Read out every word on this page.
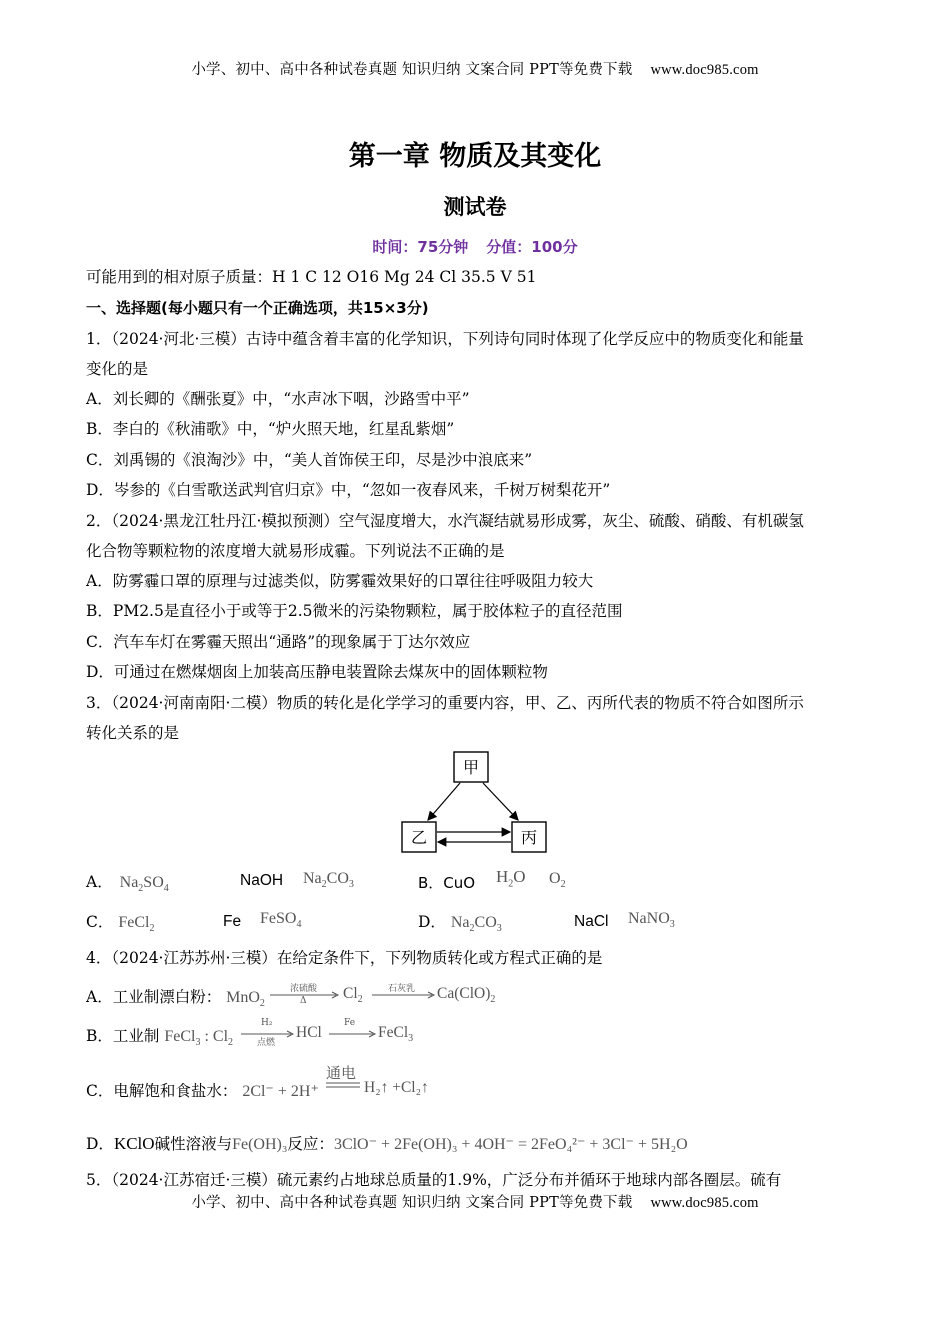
小学、初中、高中各种试卷真题 知识归纳 文案合同 PPT等免费下载 www.doc985.com
第一章 物质及其变化
测试卷
时间：75分钟 分值：100分
可能用到的相对原子质量：H 1 C 12 O16 Mg 24 Cl 35.5 V 51
一、选择题(每小题只有一个正确选项，共15×3分)
1．（2024·河北·三模）古诗中蕴含着丰富的化学知识，下列诗句同时体现了化学反应中的物质变化和能量
变化的是
A．刘长卿的《酬张夏》中，“水声冰下咽，沙路雪中平”
B．李白的《秋浦歌》中，“炉火照天地，红星乱紫烟”
C．刘禹锡的《浪淘沙》中，“美人首饰侯王印，尽是沙中浪底来”
D．岑参的《白雪歌送武判官归京》中，“忽如一夜春风来，千树万树梨花开”
2．（2024·黑龙江牡丹江·模拟预测）空气湿度增大，水汽凝结就易形成雾，灰尘、硫酸、硝酸、有机碳氢
化合物等颗粒物的浓度增大就易形成霾。下列说法不正确的是
A．防雾霾口罩的原理与过滤类似，防雾霾效果好的口罩往往呼吸阻力较大
B．PM2.5是直径小于或等于2.5微米的污染物颗粒，属于胶体粒子的直径范围
C．汽车车灯在雾霾天照出“通路”的现象属于丁达尔效应
D．可通过在燃煤烟囱上加装高压静电装置除去煤灰中的固体颗粒物
3．（2024·河南南阳·二模）物质的转化是化学学习的重要内容，甲、乙、丙所代表的物质不符合如图所示
转化关系的是
甲
乙	丙
A． $Na_2SO_4$	NaOH $Na_2CO_3$	B．CuO $H_2O$ $O_2$
C． FeCl$_2$	Fe FeSO$_4$	D． $Na_2CO_3$	NaCl NaNO$_3$
4．（2024·江苏苏州·三模）在给定条件下，下列物质转化或方程式正确的是
A．工业制漂白粉： MnO$_2$
浓硫酸
Δ $Cl_2$
石灰乳 $Ca(ClO)_2$
B．工业制 FeCl$_3$ : $Cl_2$
H₂
点燃
HCl
Fe
FeCl$_3$
C．电解饱和食盐水： 2Cl⁻ + 2H⁺
通电
H₂↑ +Cl₂↑
D．KClO碱性溶液与Fe(OH)₃反应：3ClO⁻ + 2Fe(OH)₃ + 4OH⁻ = 2FeO₄²⁻ + 3Cl⁻ + 5H₂O
5．（2024·江苏宿迁·三模）硫元素约占地球总质量的1.9%，广泛分布并循环于地球内部各圈层。硫有
小学、初中、高中各种试卷真题 知识归纳 文案合同 PPT等免费下载 www.doc985.com
